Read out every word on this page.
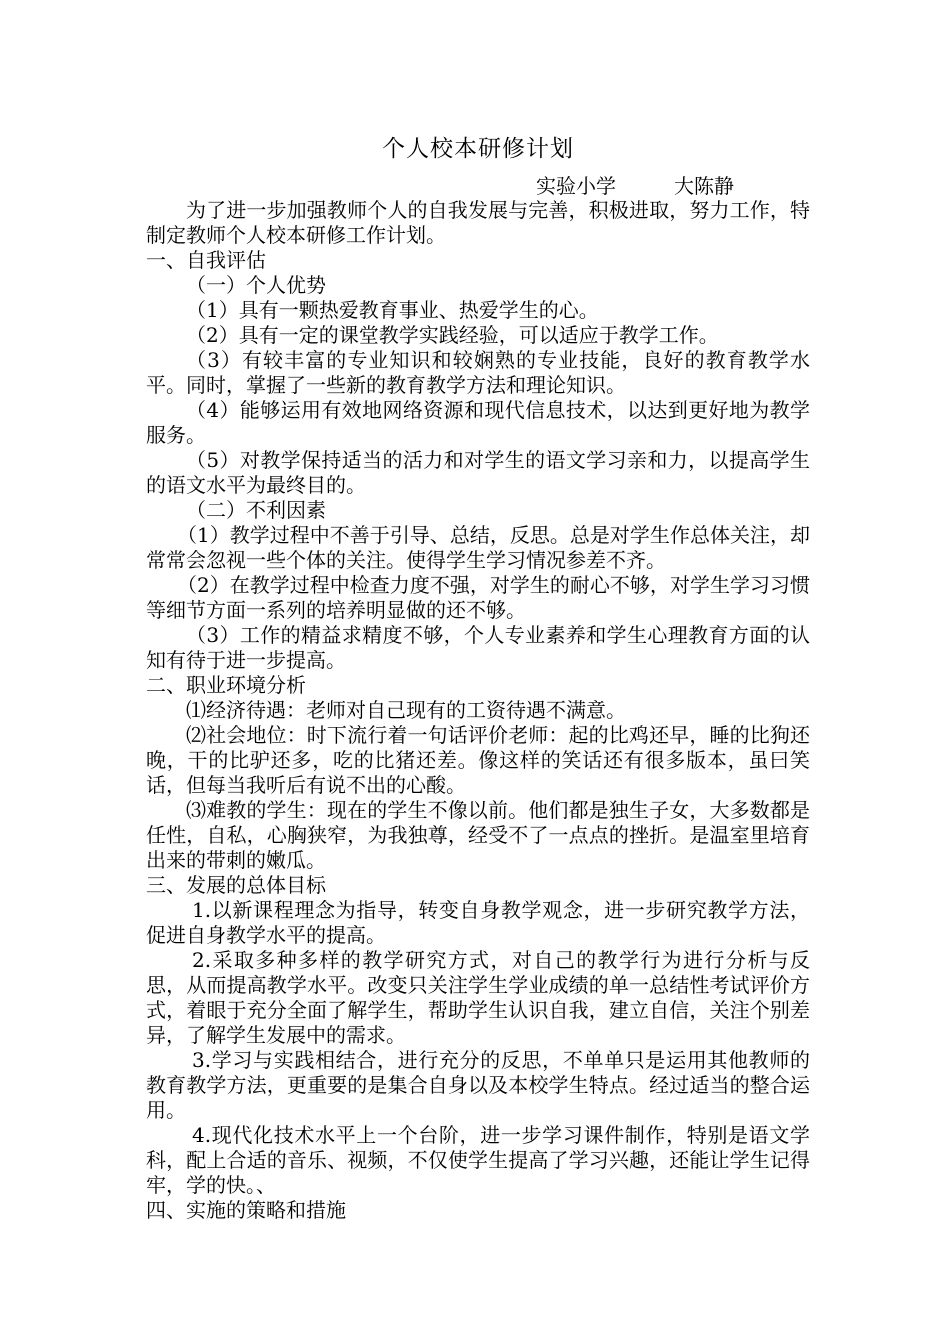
个人校本研修计划

实验小学	大陈静

为了进一步加强教师个人的自我发展与完善，积极进取，努力工作，特制定教师个人校本研修工作计划。

一、自我评估

（一）个人优势

（1）具有一颗热爱教育事业、热爱学生的心。

（2）具有一定的课堂教学实践经验，可以适应于教学工作。

（3）有较丰富的专业知识和较娴熟的专业技能，良好的教育教学水平。同时，掌握了一些新的教育教学方法和理论知识。

（4）能够运用有效地网络资源和现代信息技术，以达到更好地为教学服务。

（5）对教学保持适当的活力和对学生的语文学习亲和力，以提高学生的语文水平为最终目的。

（二）不利因素

（1）教学过程中不善于引导、总结，反思。总是对学生作总体关注，却常常会忽视一些个体的关注。使得学生学习情况参差不齐。

（2）在教学过程中检查力度不强，对学生的耐心不够，对学生学习习惯等细节方面一系列的培养明显做的还不够。

（3）工作的精益求精度不够，个人专业素养和学生心理教育方面的认知有待于进一步提高。

二、职业环境分析

⑴经济待遇：老师对自己现有的工资待遇不满意。

⑵社会地位：时下流行着一句话评价老师：起的比鸡还早，睡的比狗还晚，干的比驴还多，吃的比猪还差。像这样的笑话还有很多版本，虽曰笑话，但每当我听后有说不出的心酸。

⑶难教的学生：现在的学生不像以前。他们都是独生子女，大多数都是任性，自私，心胸狭窄，为我独尊，经受不了一点点的挫折。是温室里培育出来的带刺的嫩瓜。

三、发展的总体目标

1.以新课程理念为指导，转变自身教学观念，进一步研究教学方法，促进自身教学水平的提高。

2.采取多种多样的教学研究方式，对自己的教学行为进行分析与反思，从而提高教学水平。改变只关注学生学业成绩的单一总结性考试评价方式，着眼于充分全面了解学生，帮助学生认识自我，建立自信，关注个别差异，了解学生发展中的需求。

3.学习与实践相结合，进行充分的反思，不单单只是运用其他教师的教育教学方法，更重要的是集合自身以及本校学生特点。经过适当的整合运用。

4.现代化技术水平上一个台阶，进一步学习课件制作，特别是语文学科，配上合适的音乐、视频，不仅使学生提高了学习兴趣，还能让学生记得牢，学的快。、

四、实施的策略和措施
